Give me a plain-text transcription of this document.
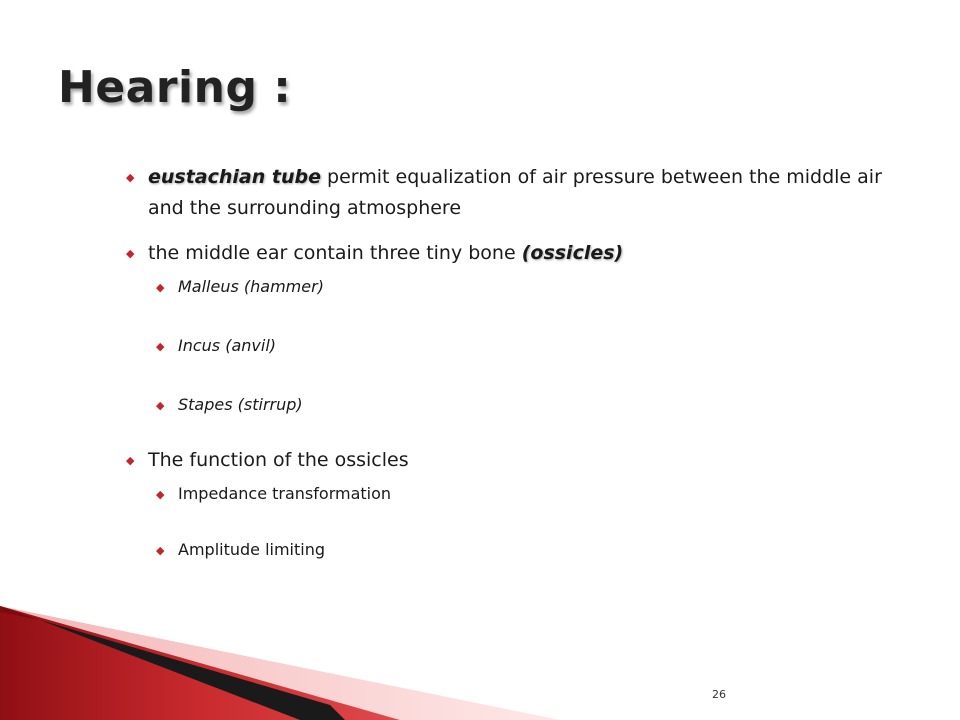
Hearing :
◆ eustachian tube permit equalization of air pressure between the middle air and the surrounding atmosphere
◆ the middle ear contain three tiny bone (ossicles)
◆ Malleus (hammer)
◆ Incus (anvil)
◆ Stapes (stirrup)
◆ The function of the ossicles
◆ Impedance transformation
◆ Amplitude limiting
26
